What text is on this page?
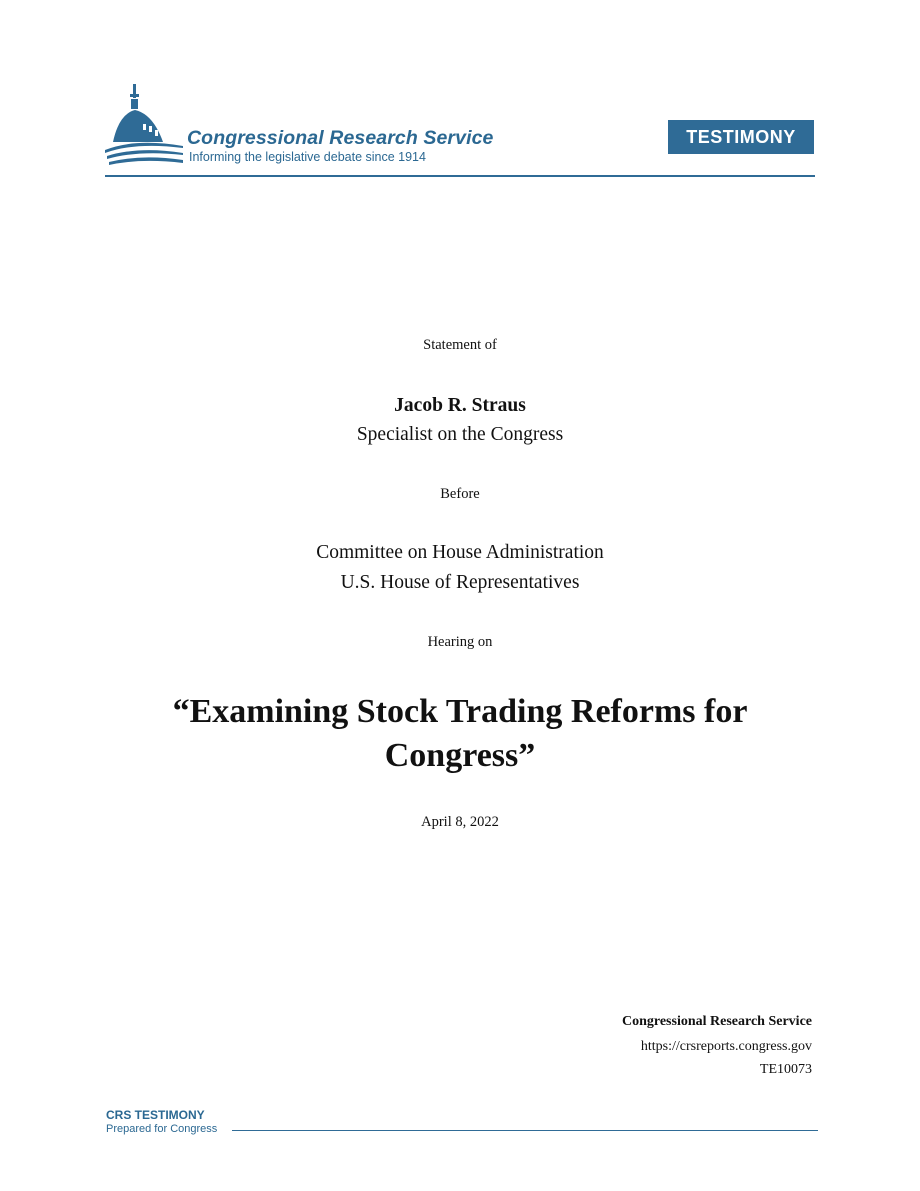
Congressional Research Service
Informing the legislative debate since 1914
TESTIMONY
Statement of
Jacob R. Straus
Specialist on the Congress
Before
Committee on House Administration
U.S. House of Representatives
Hearing on
“Examining Stock Trading Reforms for
Congress”
April 8, 2022
Congressional Research Service
https://crsreports.congress.gov
TE10073
CRS TESTIMONY
Prepared for Congress
